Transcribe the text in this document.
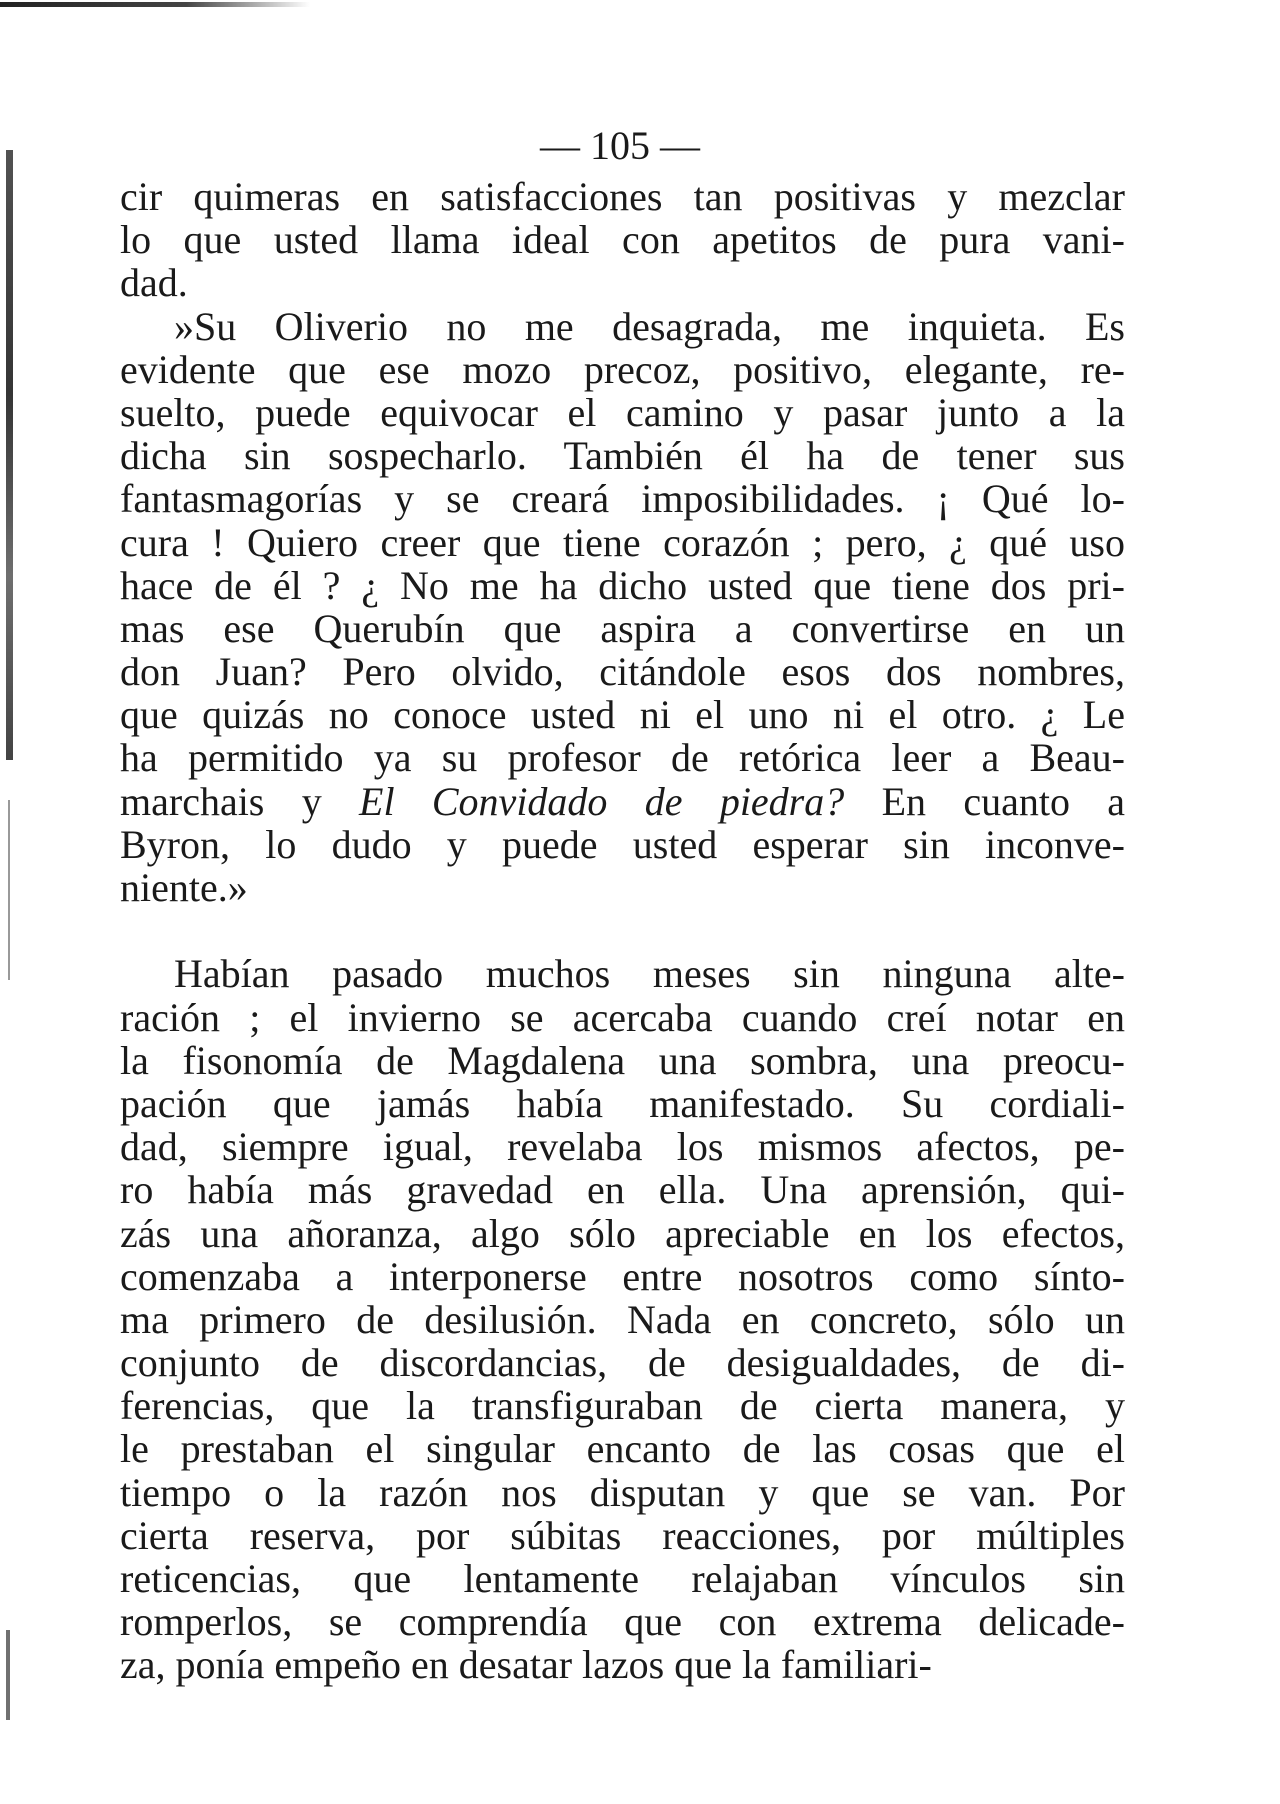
— 105 —
cir quimeras en satisfacciones tan positivas y mezclar
lo que usted llama ideal con apetitos de pura vani-
dad.
»Su Oliverio no me desagrada, me inquieta. Es
evidente que ese mozo precoz, positivo, elegante, re-
suelto, puede equivocar el camino y pasar junto a la
dicha sin sospecharlo. También él ha de tener sus
fantasmagorías y se creará imposibilidades. ¡ Qué lo-
cura ! Quiero creer que tiene corazón ; pero, ¿ qué uso
hace de él ? ¿ No me ha dicho usted que tiene dos pri-
mas ese Querubín que aspira a convertirse en un
don Juan? Pero olvido, citándole esos dos nombres,
que quizás no conoce usted ni el uno ni el otro. ¿ Le
ha permitido ya su profesor de retórica leer a Beau-
marchais y El Convidado de piedra? En cuanto a
Byron, lo dudo y puede usted esperar sin inconve-
niente.»
Habían pasado muchos meses sin ninguna alte-
ración ; el invierno se acercaba cuando creí notar en
la fisonomía de Magdalena una sombra, una preocu-
pación que jamás había manifestado. Su cordiali-
dad, siempre igual, revelaba los mismos afectos, pe-
ro había más gravedad en ella. Una aprensión, qui-
zás una añoranza, algo sólo apreciable en los efectos,
comenzaba a interponerse entre nosotros como sínto-
ma primero de desilusión. Nada en concreto, sólo un
conjunto de discordancias, de desigualdades, de di-
ferencias, que la transfiguraban de cierta manera, y
le prestaban el singular encanto de las cosas que el
tiempo o la razón nos disputan y que se van. Por
cierta reserva, por súbitas reacciones, por múltiples
reticencias, que lentamente relajaban vínculos sin
romperlos, se comprendía que con extrema delicade-
za, ponía empeño en desatar lazos que la familiari-
